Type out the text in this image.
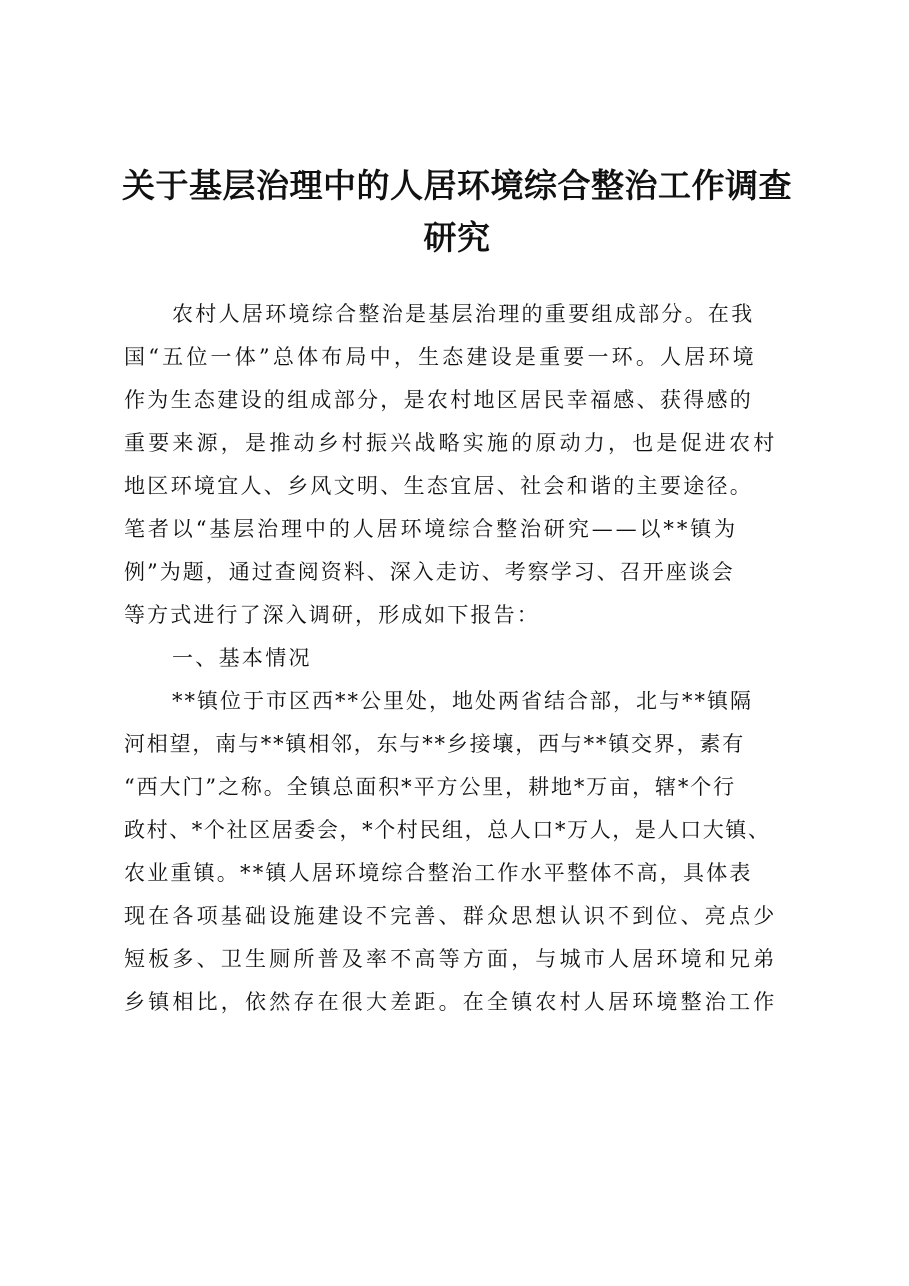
关于基层治理中的人居环境综合整治工作调查
研究

农村人居环境综合整治是基层治理的重要组成部分。在我

国“五位一体”总体布局中，生态建设是重要一环。人居环境

作为生态建设的组成部分，是农村地区居民幸福感、获得感的

重要来源，是推动乡村振兴战略实施的原动力，也是促进农村

地区环境宜人、乡风文明、生态宜居、社会和谐的主要途径。

笔者以“基层治理中的人居环境综合整治研究——以**镇为

例”为题，通过查阅资料、深入走访、考察学习、召开座谈会

等方式进行了深入调研，形成如下报告：

一、基本情况

**镇位于市区西**公里处，地处两省结合部，北与**镇隔

河相望，南与**镇相邻，东与**乡接壤，西与**镇交界，素有

“西大门”之称。全镇总面积*平方公里，耕地*万亩，辖*个行

政村、*个社区居委会，*个村民组，总人口*万人，是人口大镇、

农业重镇。**镇人居环境综合整治工作水平整体不高，具体表

现在各项基础设施建设不完善、群众思想认识不到位、亮点少

短板多、卫生厕所普及率不高等方面，与城市人居环境和兄弟

乡镇相比，依然存在很大差距。在全镇农村人居环境整治工作
